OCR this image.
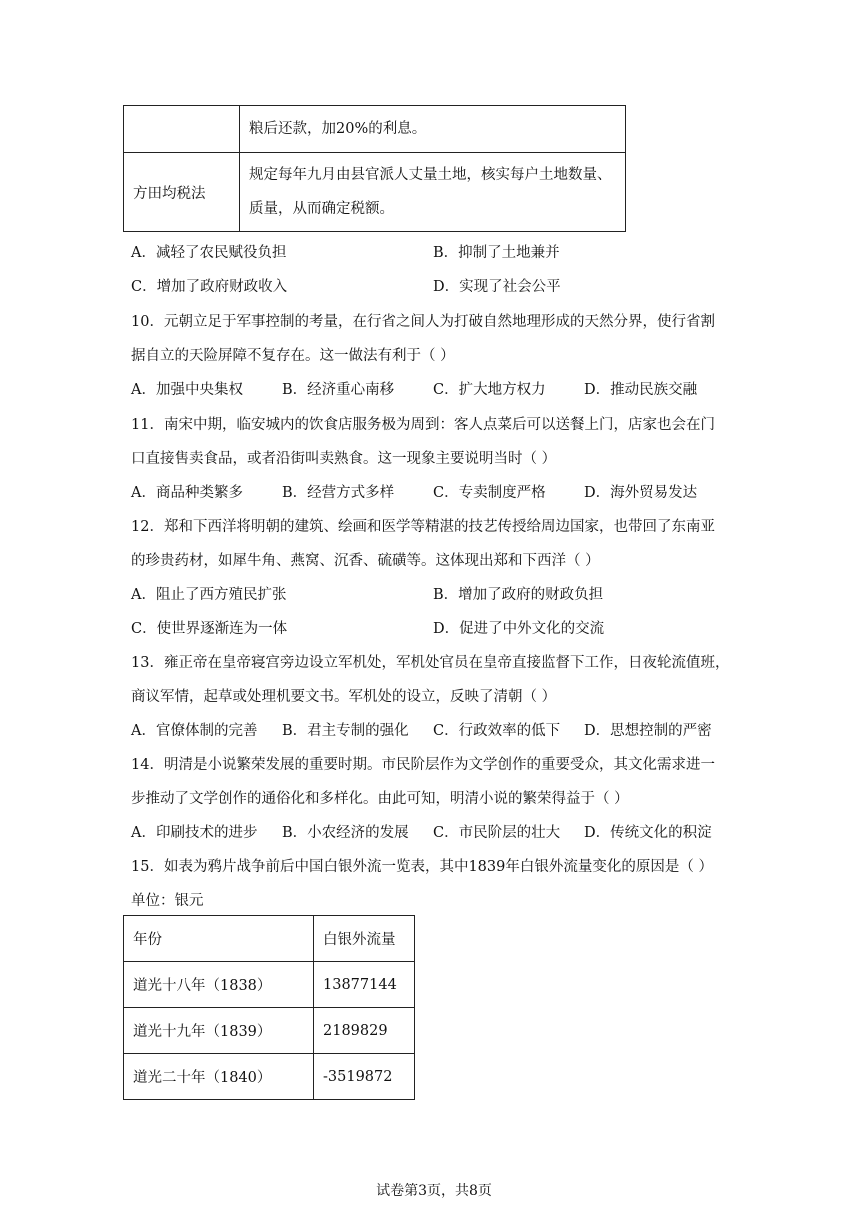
	粮后还款，加20%的利息。

方田均税法	规定每年九月由县官派人丈量土地，核实每户土地数量、
质量，从而确定税额。
A．减轻了农民赋役负担	B．抑制了土地兼并
C．增加了政府财政收入	D．实现了社会公平
10．元朝立足于军事控制的考量，在行省之间人为打破自然地理形成的天然分界，使行省割
据自立的天险屏障不复存在。这一做法有利于（ ）
A．加强中央集权	B．经济重心南移	C．扩大地方权力	D．推动民族交融
11．南宋中期，临安城内的饮食店服务极为周到：客人点菜后可以送餐上门，店家也会在门
口直接售卖食品，或者沿街叫卖熟食。这一现象主要说明当时（ ）
A．商品种类繁多	B．经营方式多样	C．专卖制度严格	D．海外贸易发达
12．郑和下西洋将明朝的建筑、绘画和医学等精湛的技艺传授给周边国家，也带回了东南亚
的珍贵药材，如犀牛角、燕窝、沉香、硫磺等。这体现出郑和下西洋（ ）
A．阻止了西方殖民扩张	B．增加了政府的财政负担
C．使世界逐渐连为一体	D．促进了中外文化的交流
13．雍正帝在皇帝寝宫旁边设立军机处，军机处官员在皇帝直接监督下工作，日夜轮流值班，
商议军情，起草或处理机要文书。军机处的设立，反映了清朝（ ）
A．官僚体制的完善 B．君主专制的强化 C．行政效率的低下 D．思想控制的严密
14．明清是小说繁荣发展的重要时期。市民阶层作为文学创作的重要受众，其文化需求进一
步推动了文学创作的通俗化和多样化。由此可知，明清小说的繁荣得益于（ ）
A．印刷技术的进步 B．小农经济的发展 C．市民阶层的壮大 D．传统文化的积淀
15．如表为鸦片战争前后中国白银外流一览表，其中1839年白银外流量变化的原因是（ ）
单位：银元
年份	白银外流量
道光十八年（1838）	13877144
道光十九年（1839）	2189829
道光二十年（1840）	-3519872
试卷第3页，共8页
